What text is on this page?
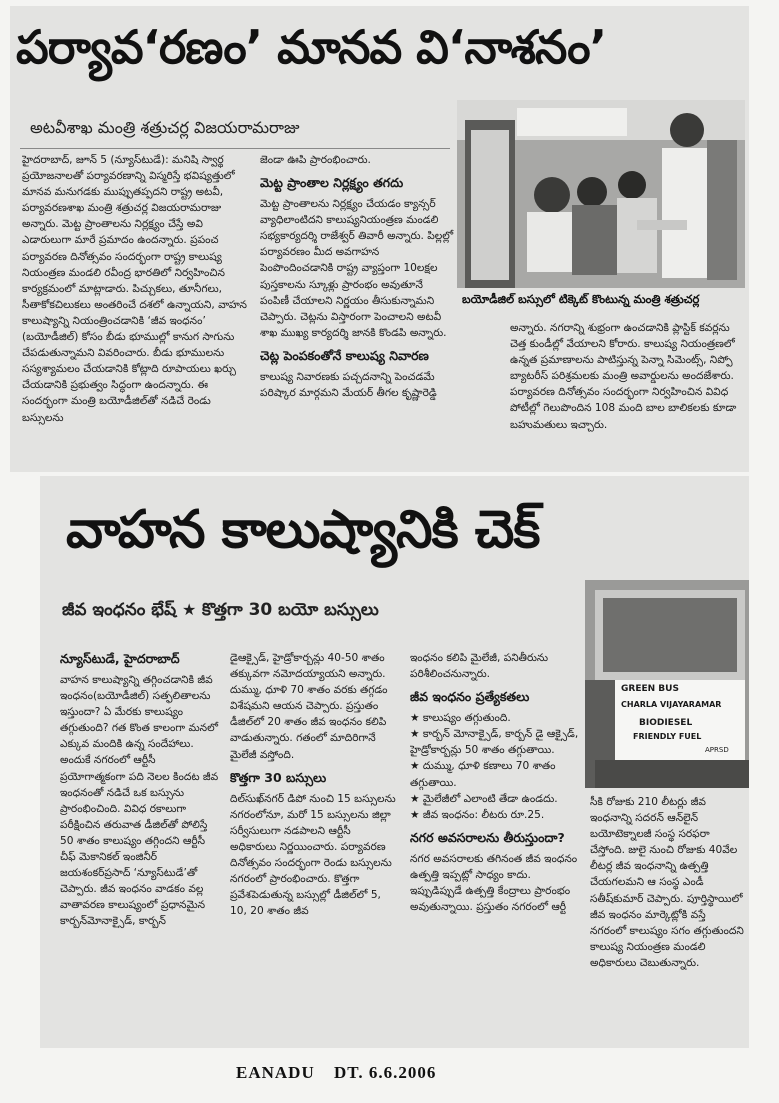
పర్యావ‘రణం’ మానవ వి‘నాశనం’
అటవీశాఖ మంత్రి శత్రుచర్ల విజయరామరాజు
బయోడీజిల్ బస్సులో టిక్కెట్ కొంటున్న మంత్రి శత్రుచర్ల

హైదరాబాద్, జూన్ 5 (న్యూస్‌టుడే): మనిషి స్వార్థ ప్రయోజనాలతో పర్యావరణాన్ని విస్మరిస్తే భవిష్యత్తులో మానవ మనుగడకు ముప్పుతప్పదని రాష్ట్ర అటవీ, పర్యావరణశాఖ మంత్రి శత్రుచర్ల విజయరామరాజు అన్నారు. మెట్ట ప్రాంతాలను నిర్లక్ష్యం చేస్తే అవి ఎడారులుగా మారే ప్రమాదం ఉందన్నారు. ప్రపంచ పర్యావరణ దినోత్సవం సందర్భంగా రాష్ట్ర కాలుష్య నియంత్రణ మండలి రవీంద్ర భారతిలో నిర్వహించిన కార్యక్రమంలో మాట్లాడారు. పిచ్చుకలు, తూనీగలు, సీతాకోకచిలుకలు అంతరించే దశలో ఉన్నాయని, వాహన కాలుష్యాన్ని నియంత్రించడానికి ‘జీవ ఇంధనం’ (బయోడీజిల్) కోసం బీడు భూముల్లో కానుగ సాగును చేపడుతున్నామని వివరించారు. బీడు భూములను సస్యశ్యామలం చేయడానికి కోట్లాది రూపాయలు ఖర్చు చేయడానికి ప్రభుత్వం సిద్ధంగా ఉందన్నారు. ఈ సందర్భంగా మంత్రి బయోడీజిల్‌తో నడిచే రెండు బస్సులను

జెండా ఊపి ప్రారంభించారు.

మెట్ట ప్రాంతాల నిర్లక్ష్యం తగదు

మెట్ట ప్రాంతాలను నిర్లక్ష్యం చేయడం క్యాన్సర్ వ్యాధిలాంటిదని కాలుష్యనియంత్రణ మండలి సభ్యకార్యదర్శి రాజేశ్వర్ తివారీ అన్నారు. పిల్లల్లో పర్యావరణం మీద అవగాహన పెంపొందించడానికి రాష్ట్ర వ్యాప్తంగా 10లక్షల పుస్తకాలను స్కూళ్లు ప్రారంభం అవుతూనే పంపిణీ చేయాలని నిర్ణయం తీసుకున్నామని చెప్పారు. చెట్లను విస్తారంగా పెంచాలని అటవీ శాఖ ముఖ్య కార్యదర్శి జానకి కొండపి అన్నారు.

చెట్ల పెంపకంతోనే కాలుష్య నివారణ

కాలుష్య నివారణకు పచ్చదనాన్ని పెంచడమే పరిష్కార మార్గమని మేయర్ తీగల కృష్ణారెడ్డి

అన్నారు. నగరాన్ని శుభ్రంగా ఉంచడానికి ప్లాస్టిక్ కవర్లను చెత్త కుండీల్లో వేయాలని కోరారు. కాలుష్య నియంత్రణలో ఉన్నత ప్రమాణాలను పాటిస్తున్న పెన్నా సిమెంట్స్, నిప్పో బ్యాటరీస్ పరిశ్రమలకు మంత్రి అవార్డులను అందజేశారు. పర్యావరణ దినోత్సవం సందర్భంగా నిర్వహించిన వివిధ పోటీల్లో గెలుపొందిన 108 మంది బాల బాలికలకు కూడా బహుమతులు ఇచ్చారు.

వాహన కాలుష్యానికి చెక్
జీవ ఇంధనం భేష్ ★ కొత్తగా 30 బయో బస్సులు
GREEN BUS
CHARLA VIJAYARAMAR
BIODIESEL
FRIENDLY FUEL
APRSD

న్యూస్‌టుడే, హైదరాబాద్

వాహన కాలుష్యాన్ని తగ్గించడానికి జీవ ఇంధనం(బయోడీజిల్) సత్ఫలితాలను ఇస్తుందా? ఏ మేరకు కాలుష్యం తగ్గుతుంది? గత కొంత కాలంగా మనలో ఎక్కువ మందికి ఉన్న సందేహాలు. అందుకే నగరంలో ఆర్టీసీ ప్రయోగాత్మకంగా పది నెలల కిందట జీవ ఇంధనంతో నడిచే ఒక బస్సును ప్రారంభించింది. వివిధ రకాలుగా పరీక్షించిన తరువాత డీజిల్‌తో పోలిస్తే 50 శాతం కాలుష్యం తగ్గిందని ఆర్టీసీ చీఫ్ మెకానికల్ ఇంజినీర్ జయశంకర్‌ప్రసాద్ ‘న్యూస్‌టుడే’తో చెప్పారు. జీవ ఇంధనం వాడకం వల్ల వాతావరణ కాలుష్యంలో ప్రధానమైన కార్బన్‌మోనాక్సైడ్, కార్బన్

డైఆక్సైడ్, హైడ్రోకార్బన్లు 40-50 శాతం తక్కువగా నమోదయ్యాయని అన్నారు. దుమ్ము, ధూళి 70 శాతం వరకు తగ్గడం విశేషమని ఆయన చెప్పారు. ప్రస్తుతం డీజిల్‌లో 20 శాతం జీవ ఇంధనం కలిపి వాడుతున్నారు. గతంలో మాదిరిగానే మైలేజీ వస్తోంది.

కొత్తగా 30 బస్సులు

దిల్‌సుఖ్‌నగర్ డిపో నుంచి 15 బస్సులను నగరంలోనూ, మరో 15 బస్సులను జిల్లా సర్వీసులుగా నడపాలని ఆర్టీసీ అధికారులు నిర్ణయించారు. పర్యావరణ దినోత్సవం సందర్భంగా రెండు బస్సులను నగరంలో ప్రారంభించారు. కొత్తగా ప్రవేశపెడుతున్న బస్సుల్లో డీజిల్‌లో 5, 10, 20 శాతం జీవ

ఇంధనం కలిపి మైలేజీ, పనితీరును పరిశీలించనున్నారు.

జీవ ఇంధనం ప్రత్యేకతలు

★ కాలుష్యం తగ్గుతుంది.

★ కార్బన్ మోనాక్సైడ్, కార్బన్ డై ఆక్సైడ్, హైడ్రోకార్బన్లు 50 శాతం తగ్గుతాయి.

★ దుమ్ము, ధూళి కణాలు 70 శాతం తగ్గుతాయి.

★ మైలేజీలో ఎలాంటి తేడా ఉండదు.

★ జీవ ఇంధనం: లీటరు రూ.25.

నగర అవసరాలను తీరుస్తుందా?

నగర అవసరాలకు తగినంత జీవ ఇంధనం ఉత్పత్తి ఇప్పట్లో సాధ్యం కాదు. ఇప్పుడిప్పుడే ఉత్పత్తి కేంద్రాలు ప్రారంభం అవుతున్నాయి. ప్రస్తుతం నగరంలో ఆర్టీ

సీకి రోజుకు 210 లీటర్లు జీవ ఇంధనాన్ని సదరన్ ఆన్‌లైన్ బయోటెక్నాలజీ సంస్థ సరఫరా చేస్తోంది. జులై నుంచి రోజుకు 40వేల లీటర్ల జీవ ఇంధనాన్ని ఉత్పత్తి చేయగలమని ఆ సంస్థ ఎండీ సతీష్‌కుమార్ చెప్పారు. పూర్తిస్థాయిలో జీవ ఇంధనం మార్కెట్లోకి వస్తే నగరంలో కాలుష్యం సగం తగ్గుతుందని కాలుష్య నియంత్రణ మండలి అధికారులు చెబుతున్నారు.

EANADU DT. 6.6.2006
